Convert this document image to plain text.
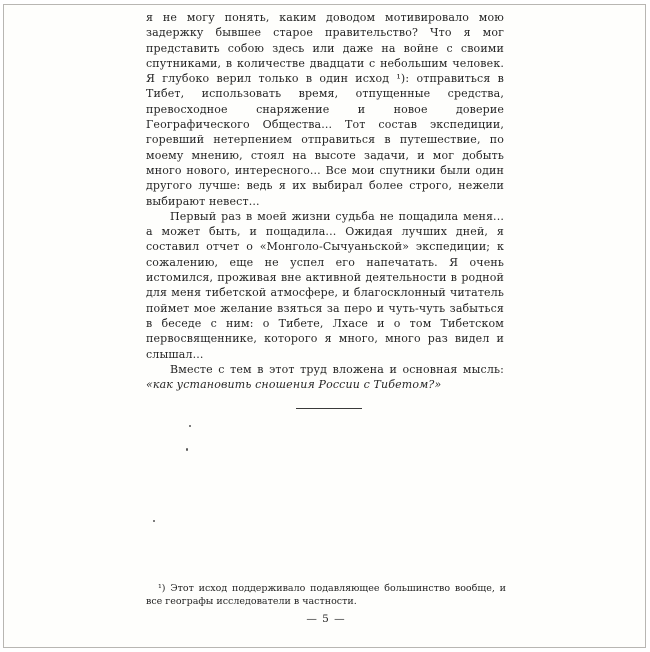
я не могу понять, каким доводом мотивировало мою задержку бывшее старое правительство? Что я мог представить собою здесь или даже на войне с своими спутниками, в количестве двадцати с небольшим человек. Я глубоко верил только в один исход ¹): отправиться в Тибет, использовать время, отпущенные средства, превосходное снаряжение и новое доверие Географического Общества... Тот состав экспедиции, горевший нетерпением отправиться в путешествие, по моему мнению, стоял на высоте задачи, и мог добыть много нового, интересного... Все мои спутники были один другого лучше: ведь я их выбирал более строго, нежели выбирают невест...

Первый раз в моей жизни судьба не пощадила меня... а может быть, и пощадила... Ожидая лучших дней, я составил отчет о «Монголо-Сычуаньской» экспедиции; к сожалению, еще не успел его напечатать. Я очень истомился, проживая вне активной деятельности в родной для меня тибетской атмосфере, и благосклонный читатель поймет мое желание взяться за перо и чуть-чуть забыться в беседе с ним: о Тибете, Лхасе и о том Тибетском первосвященнике, которого я много, много раз видел и слышал...

Вместе с тем в этот труд вложена и основная мысль: «как установить сношения России с Тибетом?»

¹) Этот исход поддерживало подавляющее большинство вообще, и все географы исследователи в частности.
— 5 —
